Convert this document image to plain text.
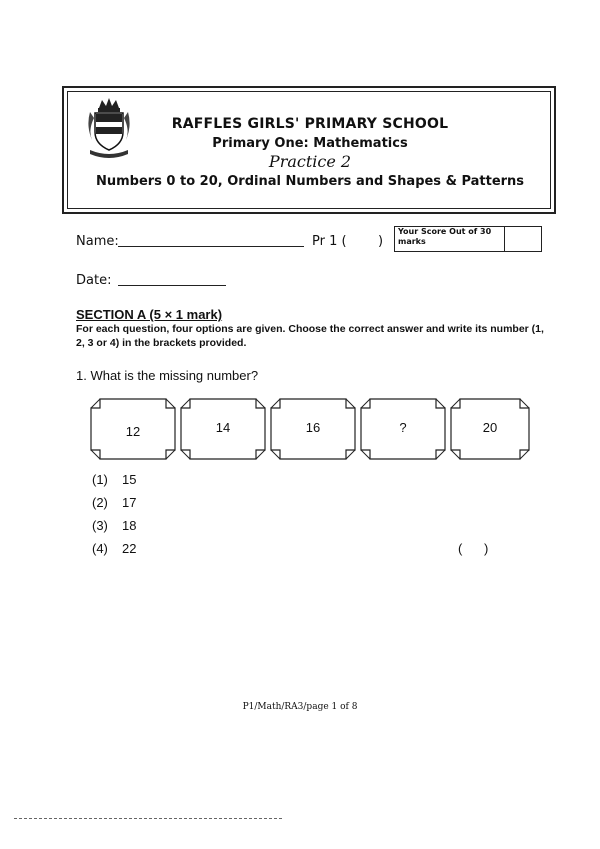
RAFFLES GIRLS' PRIMARY SCHOOL
Primary One: Mathematics
Practice 2
Numbers 0 to 20, Ordinal Numbers and Shapes & Patterns
Name:	Pr 1 ( )
Your Score Out of 30 marks
Date:
SECTION A (5 × 1 mark)
For each question, four options are given. Choose the correct answer and write its number (1, 2, 3 or 4) in the brackets provided.
1. What is the missing number?
12	14	16	?	20
(1) 15
(2) 17
(3) 18
(4) 22	(      )
P1/Math/RA3/page 1 of 8
